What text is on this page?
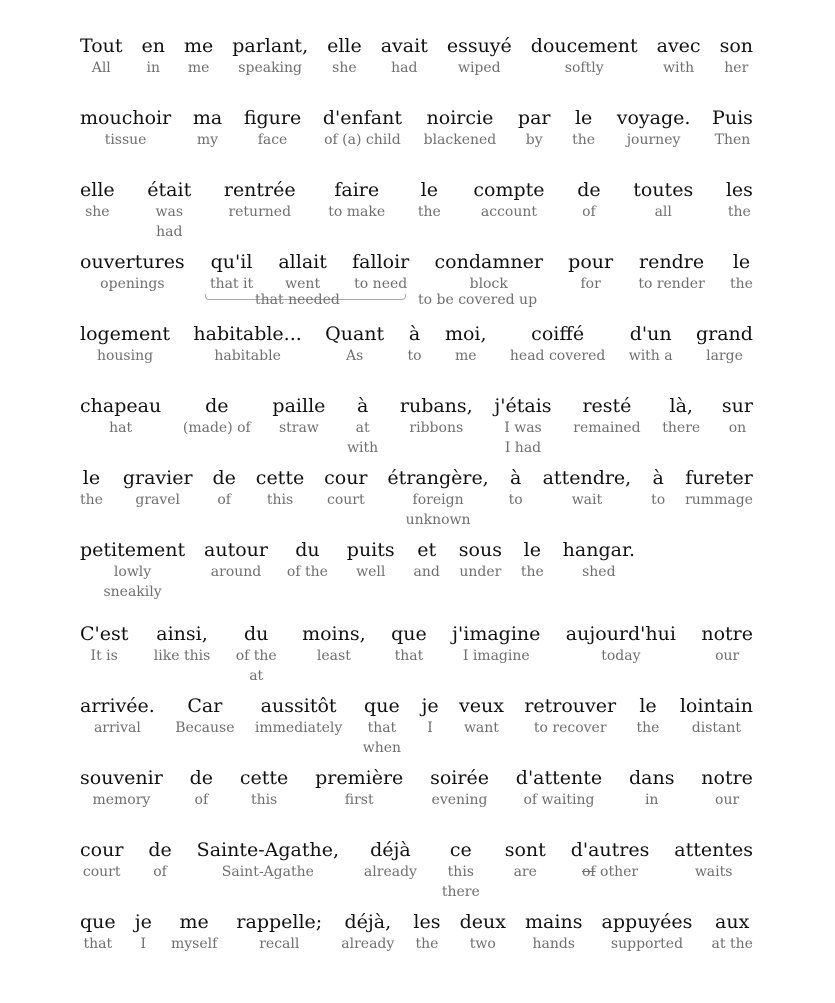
Tout
All
en
in
me
me
parlant,
speaking
elle
she
avait
had
essuyé
wiped
doucement
softly
avec
with
son
her
mouchoir
tissue
ma
my
figure
face
d'enfant
of (a) child
noircie
blackened
par
by
le
the
voyage.
journey
Puis
Then
elle
she
était
was
had
rentrée
returned
faire
to make
le
the
compte
account
de
of
toutes
all
les
the
ouvertures
openings
qu'il
that it
allait
went
falloir
to need
condamner
block
pour
for
rendre
to render
le
the
that needed	to be covered up
logement
housing
habitable...
habitable
Quant
As
à
to
moi,
me
coiffé
head covered
d'un
with a
grand
large
chapeau
hat
de
(made) of
paille
straw
à
at
with
rubans,
ribbons
j'étais
I was
I had
resté
remained
là,
there
sur
on
le
the
gravier
gravel
de
of
cette
this
cour
court
étrangère,
foreign
unknown
à
to
attendre,
wait
à
to
fureter
rummage
petitement
lowly
sneakily
autour
around
du
of the
puits
well
et
and
sous
under
le
the
hangar.
shed
C'est
It is
ainsi,
like this
du
of the
at
moins,
least
que
that
j'imagine
I imagine
aujourd'hui
today
notre
our
arrivée.
arrival
Car
Because
aussitôt
immediately
que
that
when
je
I
veux
want
retrouver
to recover
le
the
lointain
distant
souvenir
memory
de
of
cette
this
première
first
soirée
evening
d'attente
of waiting
dans
in
notre
our
cour
court
de
of
Sainte-Agathe,
Saint-Agathe
déjà
already
ce
this
there
sont
are
d'autres
of other
attentes
waits
que
that
je
I
me
myself
rappelle;
recall
déjà,
already
les
the
deux
two
mains
hands
appuyées
supported
aux
at the
